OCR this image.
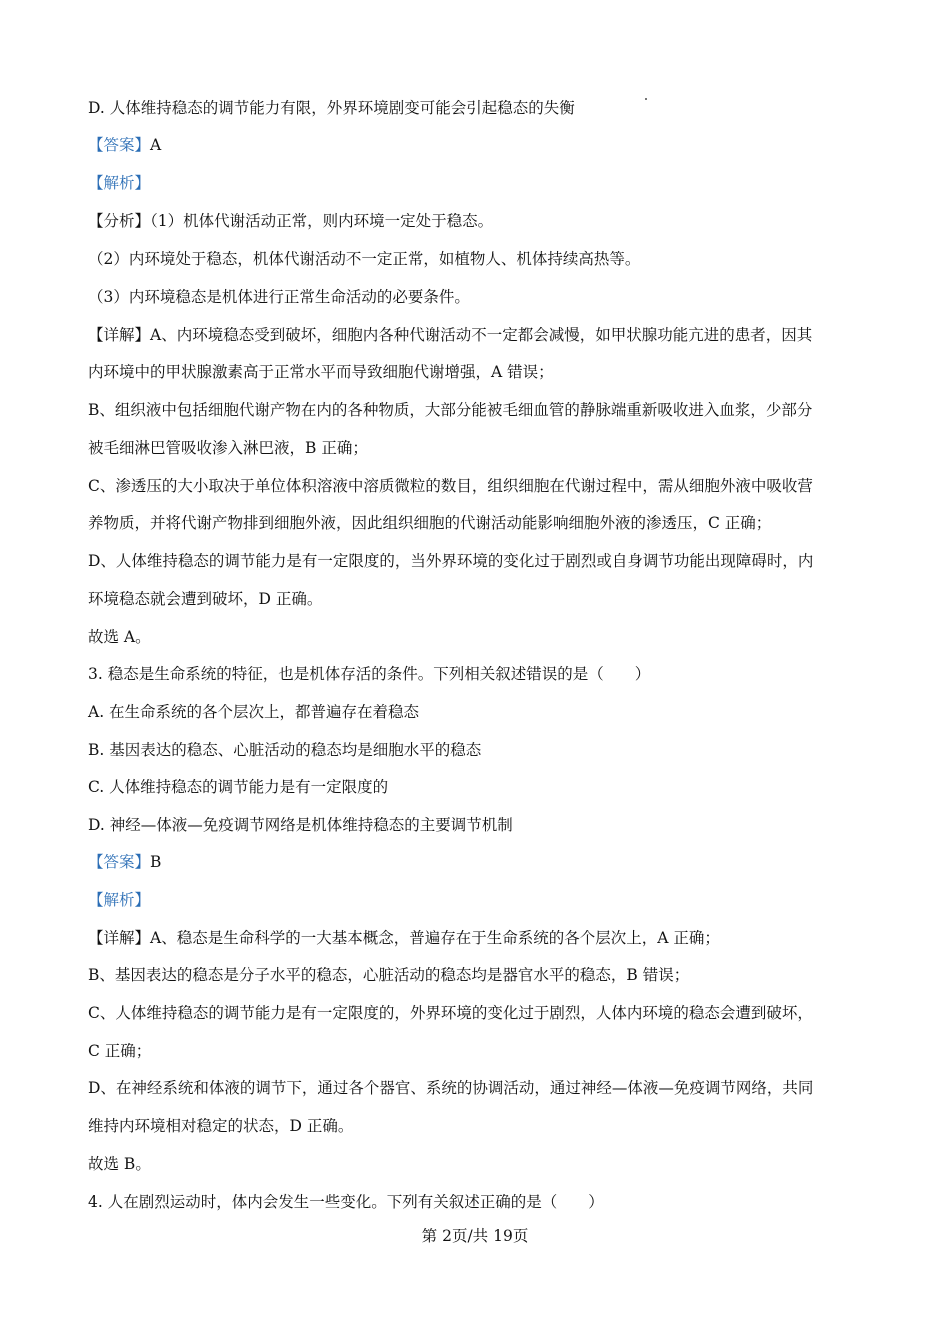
D. 人体维持稳态的调节能力有限，外界环境剧变可能会引起稳态的失衡
【答案】A
【解析】
【分析】（1）机体代谢活动正常，则内环境一定处于稳态。
（2）内环境处于稳态，机体代谢活动不一定正常，如植物人、机体持续高热等。
（3）内环境稳态是机体进行正常生命活动的必要条件。
【详解】A、内环境稳态受到破坏，细胞内各种代谢活动不一定都会减慢，如甲状腺功能亢进的患者，因其
内环境中的甲状腺激素高于正常水平而导致细胞代谢增强，A 错误；
B、组织液中包括细胞代谢产物在内的各种物质，大部分能被毛细血管的静脉端重新吸收进入血浆，少部分
被毛细淋巴管吸收渗入淋巴液，B 正确；
C、渗透压的大小取决于单位体积溶液中溶质微粒的数目，组织细胞在代谢过程中，需从细胞外液中吸收营
养物质，并将代谢产物排到细胞外液，因此组织细胞的代谢活动能影响细胞外液的渗透压，C 正确；
D、人体维持稳态的调节能力是有一定限度的，当外界环境的变化过于剧烈或自身调节功能出现障碍时，内
环境稳态就会遭到破坏，D 正确。
故选 A。
3. 稳态是生命系统的特征，也是机体存活的条件。下列相关叙述错误的是（　　）
A. 在生命系统的各个层次上，都普遍存在着稳态
B. 基因表达的稳态、心脏活动的稳态均是细胞水平的稳态
C. 人体维持稳态的调节能力是有一定限度的
D. 神经—体液—免疫调节网络是机体维持稳态的主要调节机制
【答案】B
【解析】
【详解】A、稳态是生命科学的一大基本概念，普遍存在于生命系统的各个层次上，A 正确；
B、基因表达的稳态是分子水平的稳态，心脏活动的稳态均是器官水平的稳态，B 错误；
C、人体维持稳态的调节能力是有一定限度的，外界环境的变化过于剧烈，人体内环境的稳态会遭到破坏，
C 正确；
D、在神经系统和体液的调节下，通过各个器官、系统的协调活动，通过神经—体液—免疫调节网络，共同
维持内环境相对稳定的状态，D 正确。
故选 B。
4. 人在剧烈运动时，体内会发生一些变化。下列有关叙述正确的是（　　）
第 2页/共 19页
